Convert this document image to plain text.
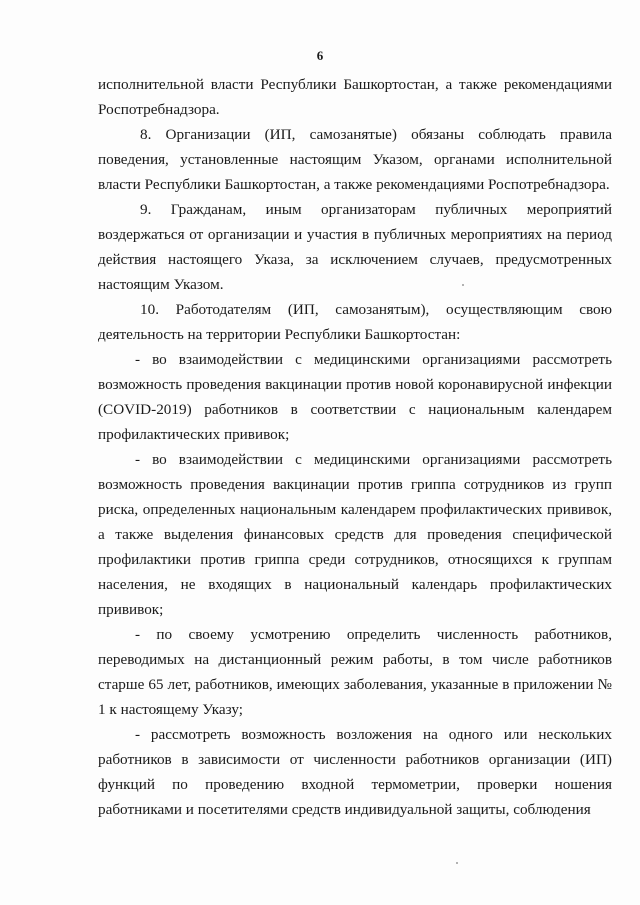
6

исполнительной власти Республики Башкортостан, а также рекомендациями Роспотребнадзора.

8. Организации (ИП, самозанятые) обязаны соблюдать правила поведения, установленные настоящим Указом, органами исполнительной власти Республики Башкортостан, а также рекомендациями Роспотребнадзора.

9. Гражданам, иным организаторам публичных мероприятий воздержаться от организации и участия в публичных мероприятиях на период действия настоящего Указа, за исключением случаев, предусмотренных настоящим Указом.

10. Работодателям (ИП, самозанятым), осуществляющим свою деятельность на территории Республики Башкортостан:

- во взаимодействии с медицинскими организациями рассмотреть возможность проведения вакцинации против новой коронавирусной инфекции (COVID-2019) работников в соответствии с национальным календарем профилактических прививок;

- во взаимодействии с медицинскими организациями рассмотреть возможность проведения вакцинации против гриппа сотрудников из групп риска, определенных национальным календарем профилактических прививок, а также выделения финансовых средств для проведения специфической профилактики против гриппа среди сотрудников, относящихся к группам населения, не входящих в национальный календарь профилактических прививок;

- по своему усмотрению определить численность работников, переводимых на дистанционный режим работы, в том числе работников старше 65 лет, работников, имеющих заболевания, указанные в приложении № 1 к настоящему Указу;

- рассмотреть возможность возложения на одного или нескольких работников в зависимости от численности работников организации (ИП) функций по проведению входной термометрии, проверки ношения работниками и посетителями средств индивидуальной защиты, соблюдения
